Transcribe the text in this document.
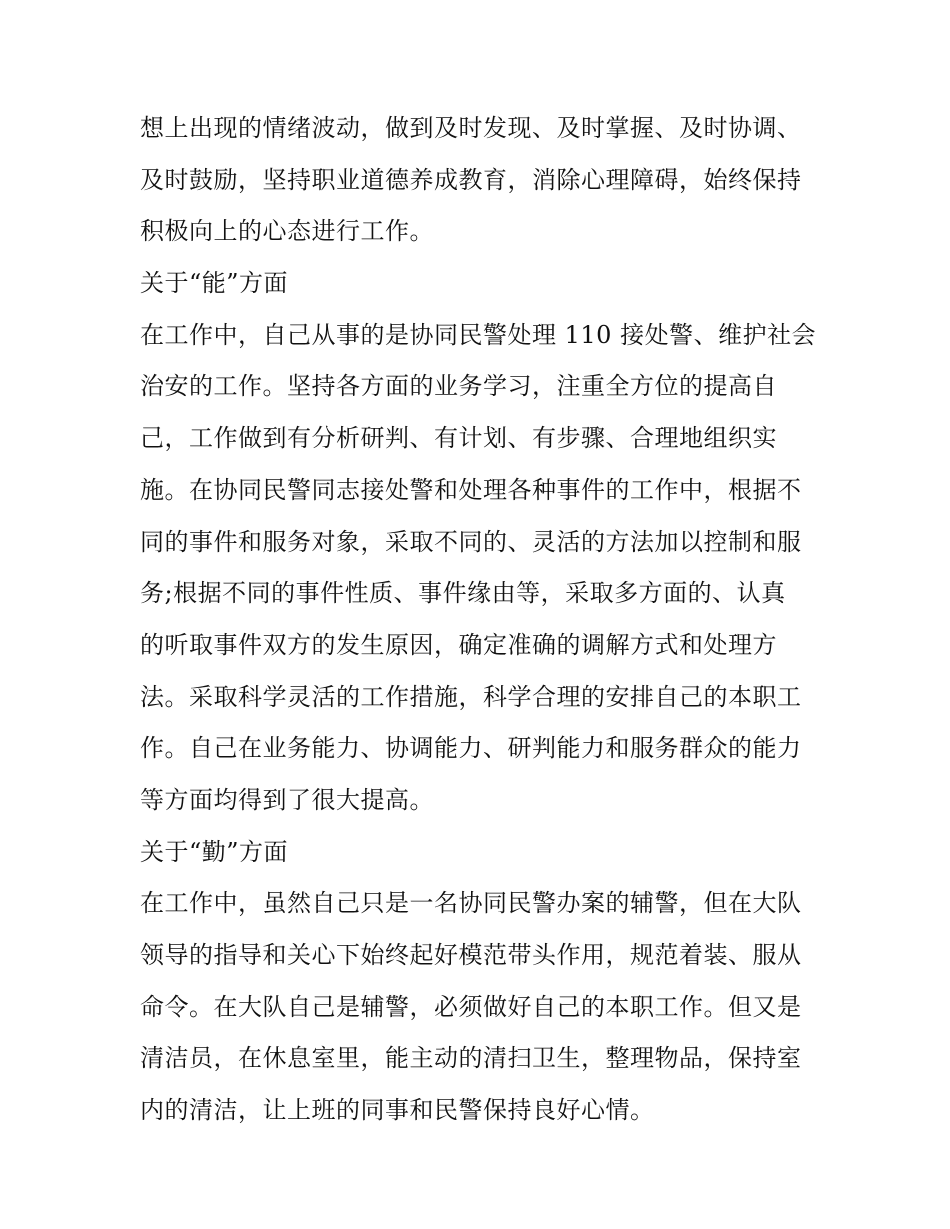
想上出现的情绪波动，做到及时发现、及时掌握、及时协调、
及时鼓励，坚持职业道德养成教育，消除心理障碍，始终保持
积极向上的心态进行工作。
关于“能”方面
在工作中，自己从事的是协同民警处理 110 接处警、维护社会
治安的工作。坚持各方面的业务学习，注重全方位的提高自
己，工作做到有分析研判、有计划、有步骤、合理地组织实
施。在协同民警同志接处警和处理各种事件的工作中，根据不
同的事件和服务对象，采取不同的、灵活的方法加以控制和服
务;根据不同的事件性质、事件缘由等，采取多方面的、认真
的听取事件双方的发生原因，确定准确的调解方式和处理方
法。采取科学灵活的工作措施，科学合理的安排自己的本职工
作。自己在业务能力、协调能力、研判能力和服务群众的能力
等方面均得到了很大提高。
关于“勤”方面
在工作中，虽然自己只是一名协同民警办案的辅警，但在大队
领导的指导和关心下始终起好模范带头作用，规范着装、服从
命令。在大队自己是辅警，必须做好自己的本职工作。但又是
清洁员，在休息室里，能主动的清扫卫生，整理物品，保持室
内的清洁，让上班的同事和民警保持良好心情。
